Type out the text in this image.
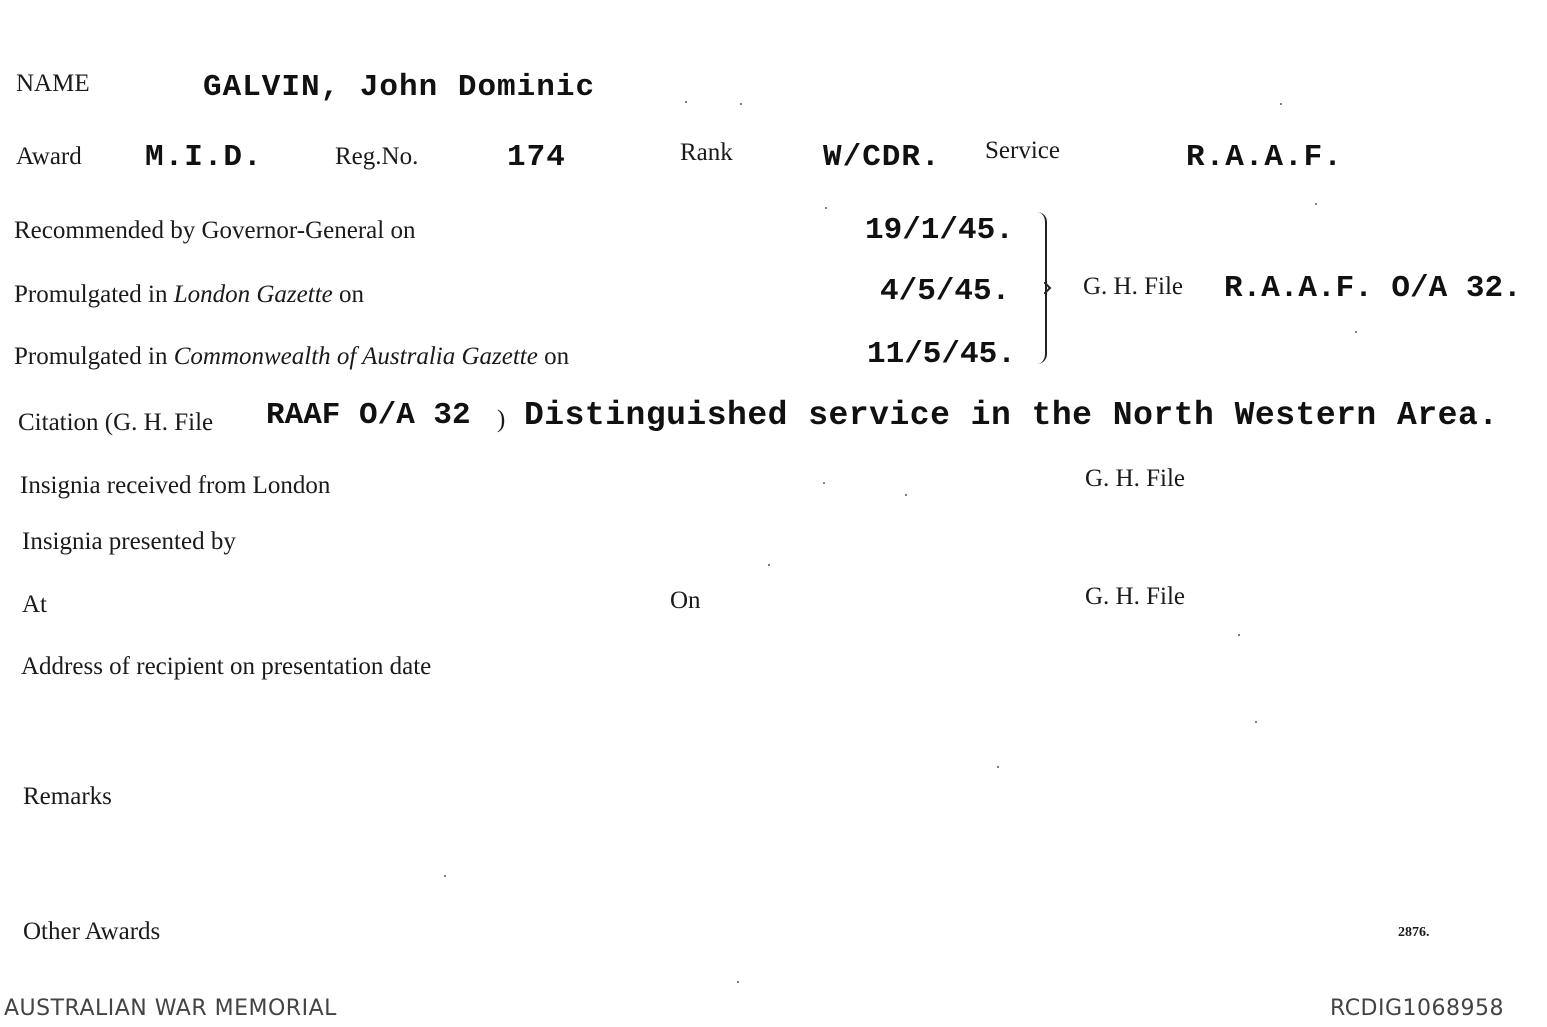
NAME	GALVIN, John Dominic
Award M.I.D.	Reg.No.	174	Rank	W/CDR. Service	R.A.A.F.
Recommended by Governor-General on	19/1/45.
Promulgated in London Gazette on	4/5/45.
Promulgated in Commonwealth of Australia Gazette on	11/5/45.
G. H. File R.A.A.F. O/A 32.
Citation (G. H. File RAAF O/A 32 ) Distinguished service in the North Western Area.
Insignia received from London	G. H. File
Insignia presented by
At	On	G. H. File
Address of recipient on presentation date
Remarks
Other Awards	2876.
AUSTRALIAN WAR MEMORIAL	RCDIG1068958
